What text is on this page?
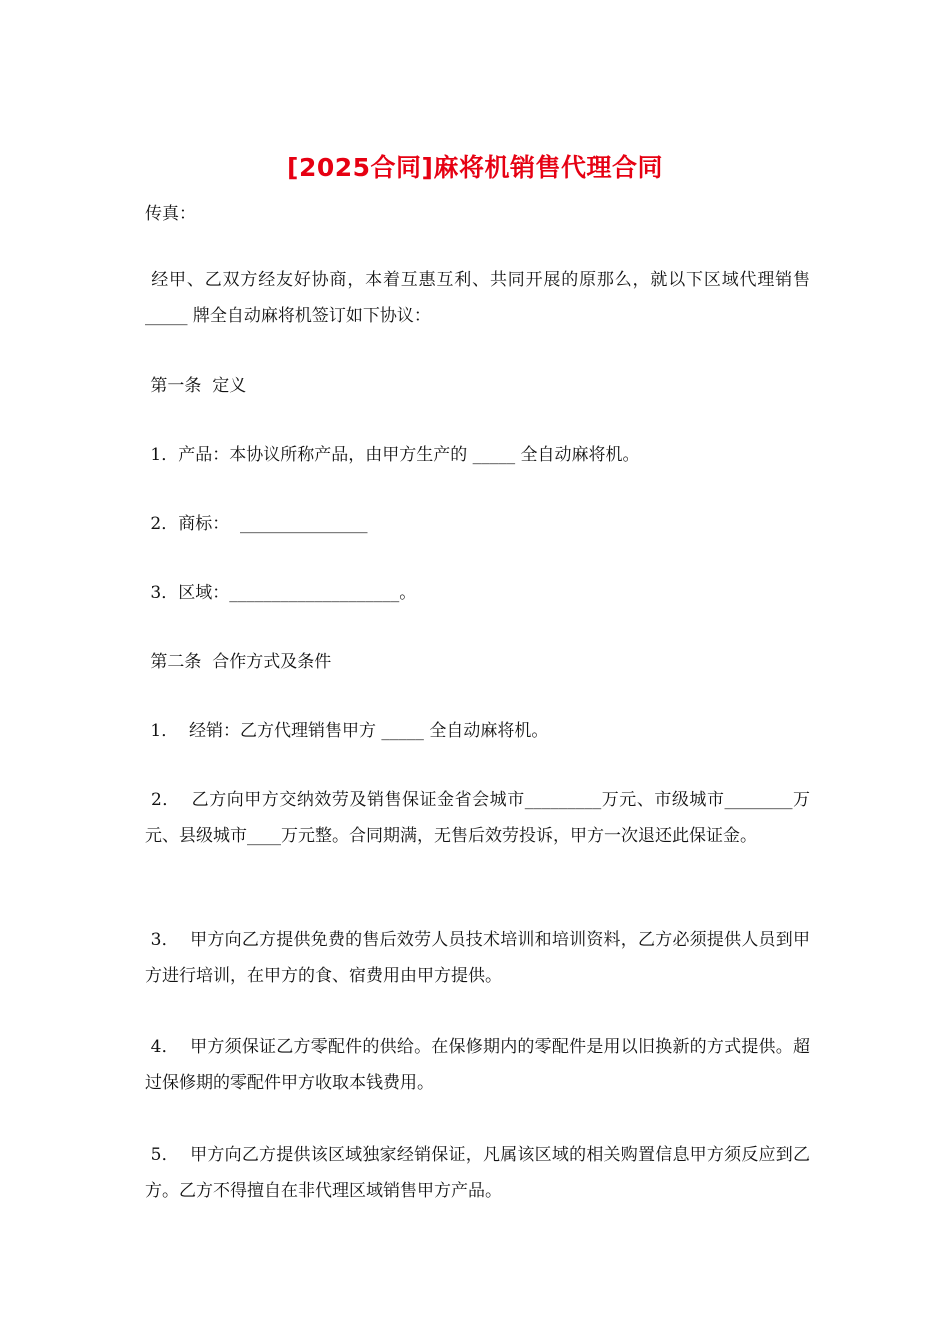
[2025合同]麻将机销售代理合同
传真：
经甲、乙双方经友好协商，本着互惠互利、共同开展的原那么，就以下区域代理销售 _____ 牌全自动麻将机签订如下协议：
第一条  定义
1．产品：本协议所称产品，由甲方生产的 _____ 全自动麻将机。
2．商标：  _______________
3．区域：____________________。
第二条  合作方式及条件
1．  经销：乙方代理销售甲方 _____ 全自动麻将机。
2．  乙方向甲方交纳效劳及销售保证金省会城市_________万元、市级城市________万元、县级城市____万元整。合同期满，无售后效劳投诉，甲方一次退还此保证金。
3．  甲方向乙方提供免费的售后效劳人员技术培训和培训资料，乙方必须提供人员到甲方进行培训，在甲方的食、宿费用由甲方提供。
4．  甲方须保证乙方零配件的供给。在保修期内的零配件是用以旧换新的方式提供。超过保修期的零配件甲方收取本钱费用。
5．  甲方向乙方提供该区域独家经销保证，凡属该区域的相关购置信息甲方须反应到乙方。乙方不得擅自在非代理区域销售甲方产品。
